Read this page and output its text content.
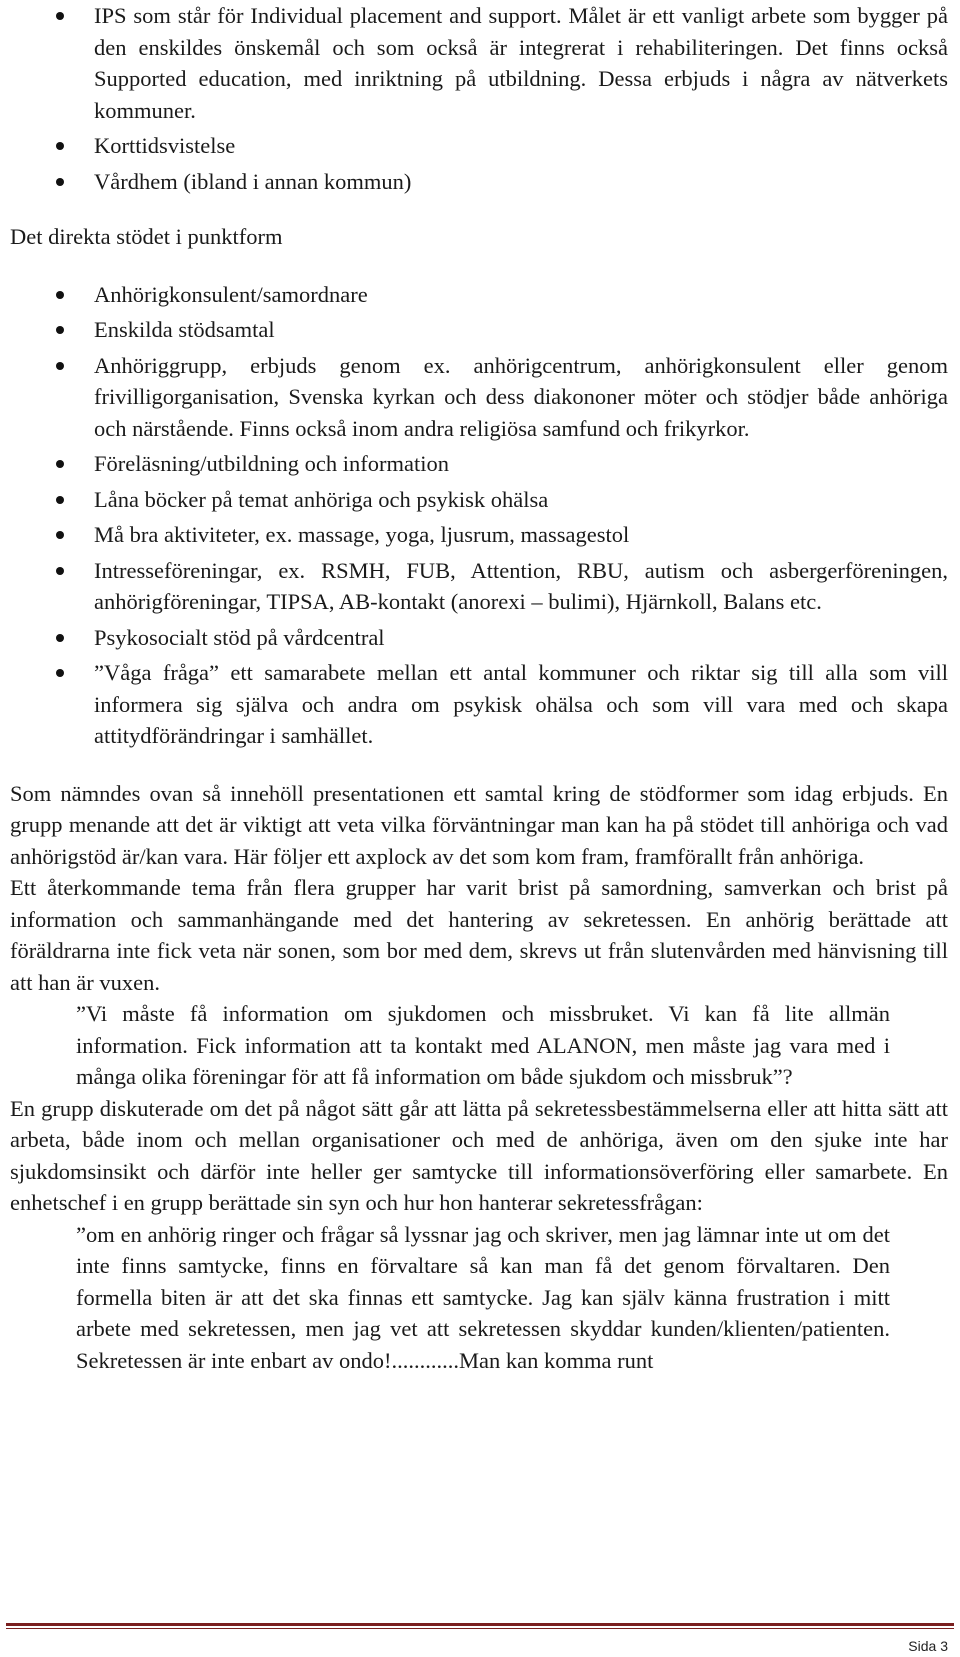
IPS som står för Individual placement and support. Målet är ett vanligt arbete som bygger på den enskildes önskemål och som också är integrerat i rehabiliteringen. Det finns också Supported education, med inriktning på utbildning. Dessa erbjuds i några av nätverkets kommuner.
Korttidsvistelse
Vårdhem (ibland i annan kommun)
Det direkta stödet i punktform
Anhörigkonsulent/samordnare
Enskilda stödsamtal
Anhöriggrupp, erbjuds genom ex. anhörigcentrum, anhörigkonsulent eller genom frivilligorganisation, Svenska kyrkan och dess diakononer möter och stödjer både anhöriga och närstående. Finns också inom andra religiösa samfund och frikyrkor.
Föreläsning/utbildning och information
Låna böcker på temat anhöriga och psykisk ohälsa
Må bra aktiviteter, ex. massage, yoga, ljusrum, massagestol
Intresseföreningar, ex. RSMH, FUB, Attention, RBU, autism och asbergerföreningen, anhörigföreningar, TIPSA, AB-kontakt (anorexi – bulimi), Hjärnkoll, Balans etc.
Psykosocialt stöd på vårdcentral
”Våga fråga” ett samarabete mellan ett antal kommuner och riktar sig till alla som vill informera sig själva och andra om psykisk ohälsa och som vill vara med och skapa attitydförändringar i samhället.

Som nämndes ovan så innehöll presentationen ett samtal kring de stödformer som idag erbjuds. En grupp menande att det är viktigt att veta vilka förväntningar man kan ha på stödet till anhöriga och vad anhörigstöd är/kan vara. Här följer ett axplock av det som kom fram, framförallt från anhöriga.

Ett återkommande tema från flera grupper har varit brist på samordning, samverkan och brist på information och sammanhängande med det hantering av sekretessen. En anhörig berättade att föräldrarna inte fick veta när sonen, som bor med dem, skrevs ut från slutenvården med hänvisning till att han är vuxen.

”Vi måste få information om sjukdomen och missbruket. Vi kan få lite allmän information. Fick information att ta kontakt med ALANON, men måste jag vara med i många olika föreningar för att få information om både sjukdom och missbruk”?

En grupp diskuterade om det på något sätt går att lätta på sekretessbestämmelserna eller att hitta sätt att arbeta, både inom och mellan organisationer och med de anhöriga, även om den sjuke inte har sjukdomsinsikt och därför inte heller ger samtycke till informationsöverföring eller samarbete. En enhetschef i en grupp berättade sin syn och hur hon hanterar sekretessfrågan:

”om en anhörig ringer och frågar så lyssnar jag och skriver, men jag lämnar inte ut om det inte finns samtycke, finns en förvaltare så kan man få det genom förvaltaren. Den formella biten är att det ska finnas ett samtycke. Jag kan själv känna frustration i mitt arbete med sekretessen, men jag vet att sekretessen skyddar kunden/klienten/patienten. Sekretessen är inte enbart av ondo!............Man kan komma runt

Sida 3
